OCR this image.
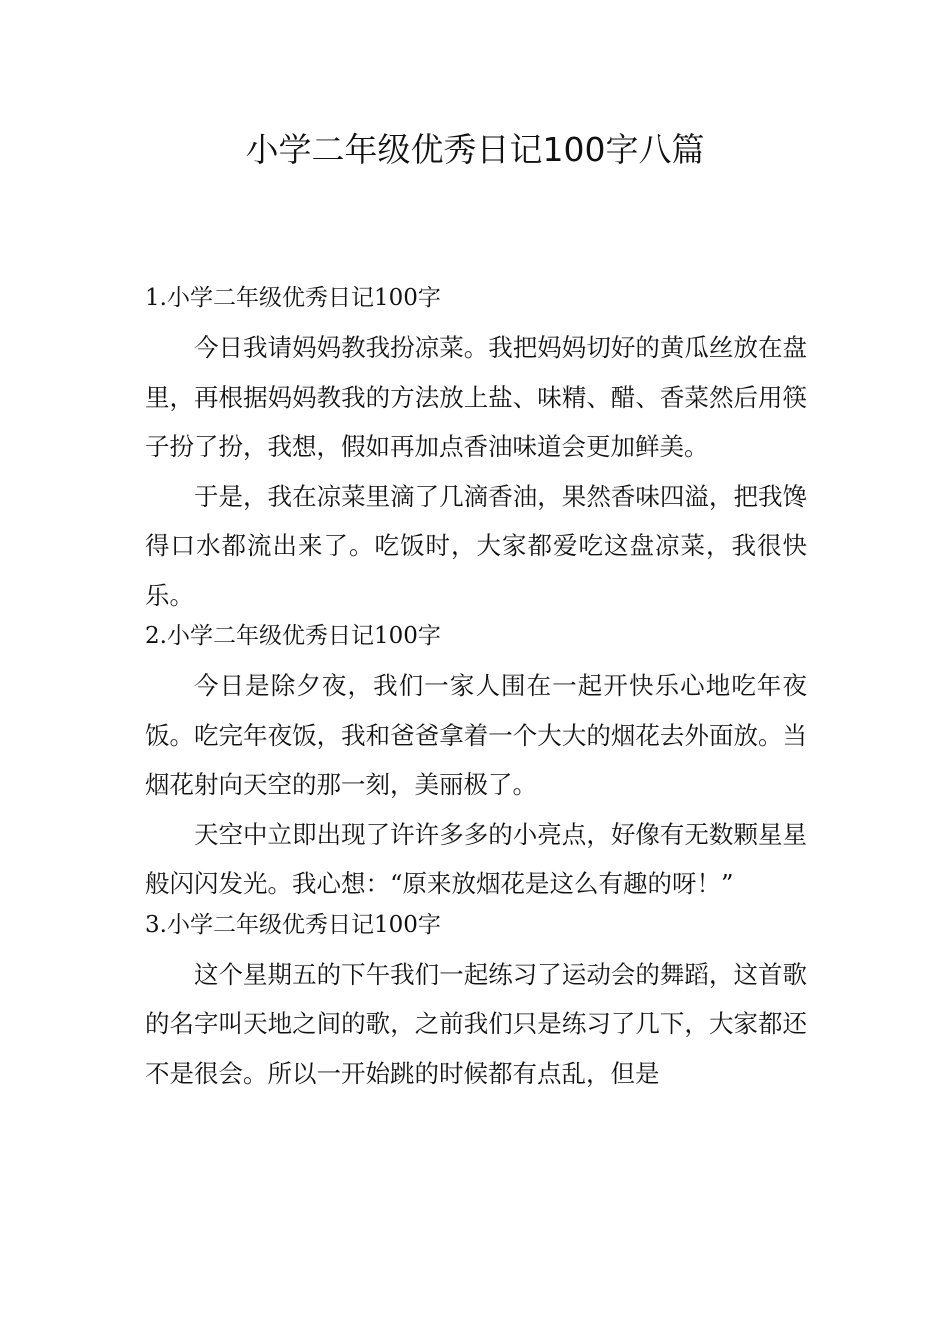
小学二年级优秀日记100字八篇
1.小学二年级优秀日记100字

今日我请妈妈教我扮凉菜。我把妈妈切好的黄瓜丝放在盘里，再根据妈妈教我的方法放上盐、味精、醋、香菜然后用筷子扮了扮，我想，假如再加点香油味道会更加鲜美。

于是，我在凉菜里滴了几滴香油，果然香味四溢，把我馋得口水都流出来了。吃饭时，大家都爱吃这盘凉菜，我很快乐。

2.小学二年级优秀日记100字

今日是除夕夜，我们一家人围在一起开快乐心地吃年夜饭。吃完年夜饭，我和爸爸拿着一个大大的烟花去外面放。当烟花射向天空的那一刻，美丽极了。

天空中立即出现了许许多多的小亮点，好像有无数颗星星般闪闪发光。我心想：“原来放烟花是这么有趣的呀！”

3.小学二年级优秀日记100字

这个星期五的下午我们一起练习了运动会的舞蹈，这首歌的名字叫天地之间的歌，之前我们只是练习了几下，大家都还不是很会。所以一开始跳的时候都有点乱，但是
